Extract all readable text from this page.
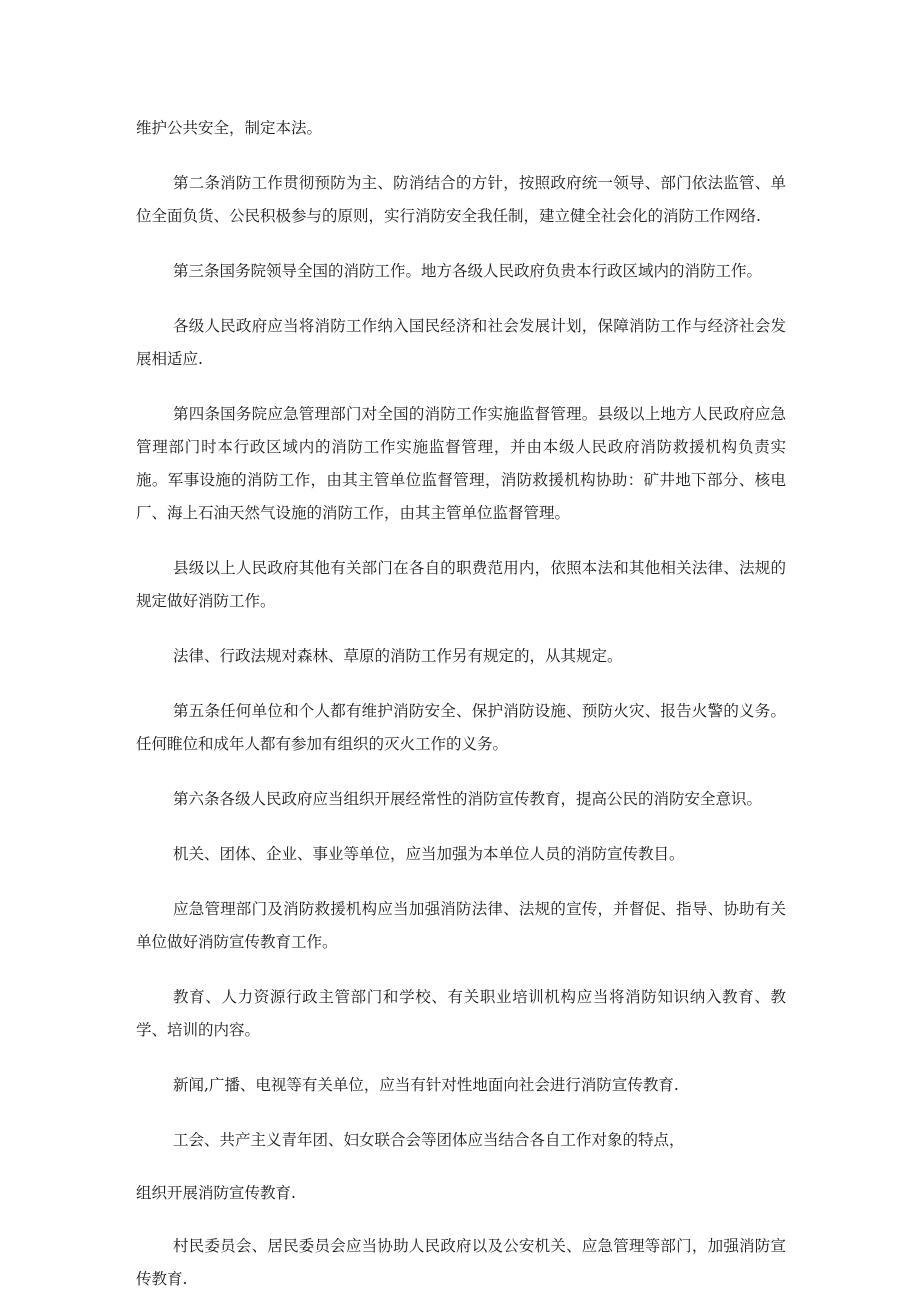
维护公共安全，制定本法。

第二条消防工作贯彻预防为主、防消结合的方针，按照政府统一领导、部门依法监管、单位全面负货、公民积极参与的原则，实行消防安全我任制，建立健全社会化的消防工作网络.

第三条国务院领导全国的消防工作。地方各级人民政府负贵本行政区域内的消防工作。

各级人民政府应当将消防工作纳入国民经济和社会发展计划，保障消防工作与经济社会发展相适应.

第四条国务院应急管理部门对全国的消防工作实施监督管理。县级以上地方人民政府应急管理部门时本行政区域内的消防工作实施监督管理，并由本级人民政府消防救援机构负责实施。军事设施的消防工作，由其主管单位监督管理，消防救援机构协助：矿井地下部分、核电厂、海上石油天然气设施的消防工作，由其主管单位监督管理。

县级以上人民政府其他有关部门在各自的职费范用内，依照本法和其他相关法律、法规的规定做好消防工作。

法律、行政法规对森林、草原的消防工作另有规定的，从其规定。

第五条任何单位和个人都有维护消防安全、保护消防设施、预防火灾、报告火警的义务。任何睢位和成年人都有参加有组织的灭火工作的义务。

第六条各级人民政府应当组织开展经常性的消防宣传教育，提高公民的消防安全意识。

机关、团体、企业、事业等单位，应当加强为本单位人员的消防宣传教目。

应急管理部门及消防救援机构应当加强消防法律、法规的宣传，并督促、指导、协助有关单位做好消防宣传教育工作。

教育、人力资源行政主管部门和学校、有关职业培训机构应当将消防知识纳入教育、教学、培训的内容。

新闻,广播、电视等有关单位，应当有针对性地面向社会进行消防宣传教育.

工会、共产主义青年团、妇女联合会等团体应当结合各自工作对象的特点，

组织开展消防宣传教育.

村民委员会、居民委员会应当协助人民政府以及公安机关、应急管理等部门，加强消防宣传教育.
